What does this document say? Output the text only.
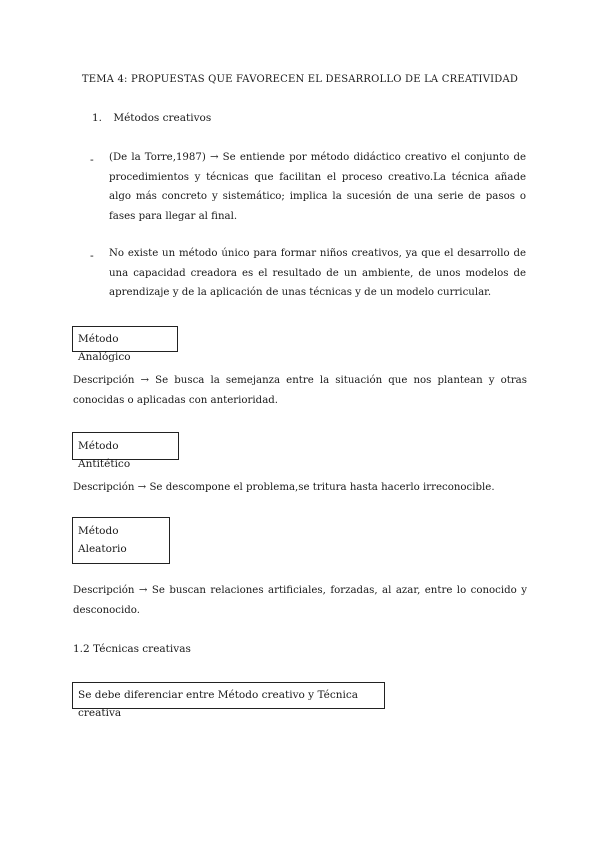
TEMA 4: PROPUESTAS QUE FAVORECEN EL DESARROLLO DE LA CREATIVIDAD
1. Métodos creativos
- (De la Torre,1987) → Se entiende por método didáctico creativo el conjunto de procedimientos y técnicas que facilitan el proceso creativo.La técnica añade algo más concreto y sistemático; implica la sucesión de una serie de pasos o fases para llegar al final.
- No existe un método único para formar niños creativos, ya que el desarrollo de una capacidad creadora es el resultado de un ambiente, de unos modelos de aprendizaje y de la aplicación de unas técnicas y de un modelo curricular.
Método Analógico
Descripción → Se busca la semejanza entre la situación que nos plantean y otras conocidas o aplicadas con anterioridad.
Método Antitético
Descripción → Se descompone el problema,se tritura hasta hacerlo irreconocible.
Método
Aleatorio
Descripción → Se buscan relaciones artificiales, forzadas, al azar, entre lo conocido y desconocido.
1.2 Técnicas creativas
Se debe diferenciar entre Método creativo y Técnica creativa
